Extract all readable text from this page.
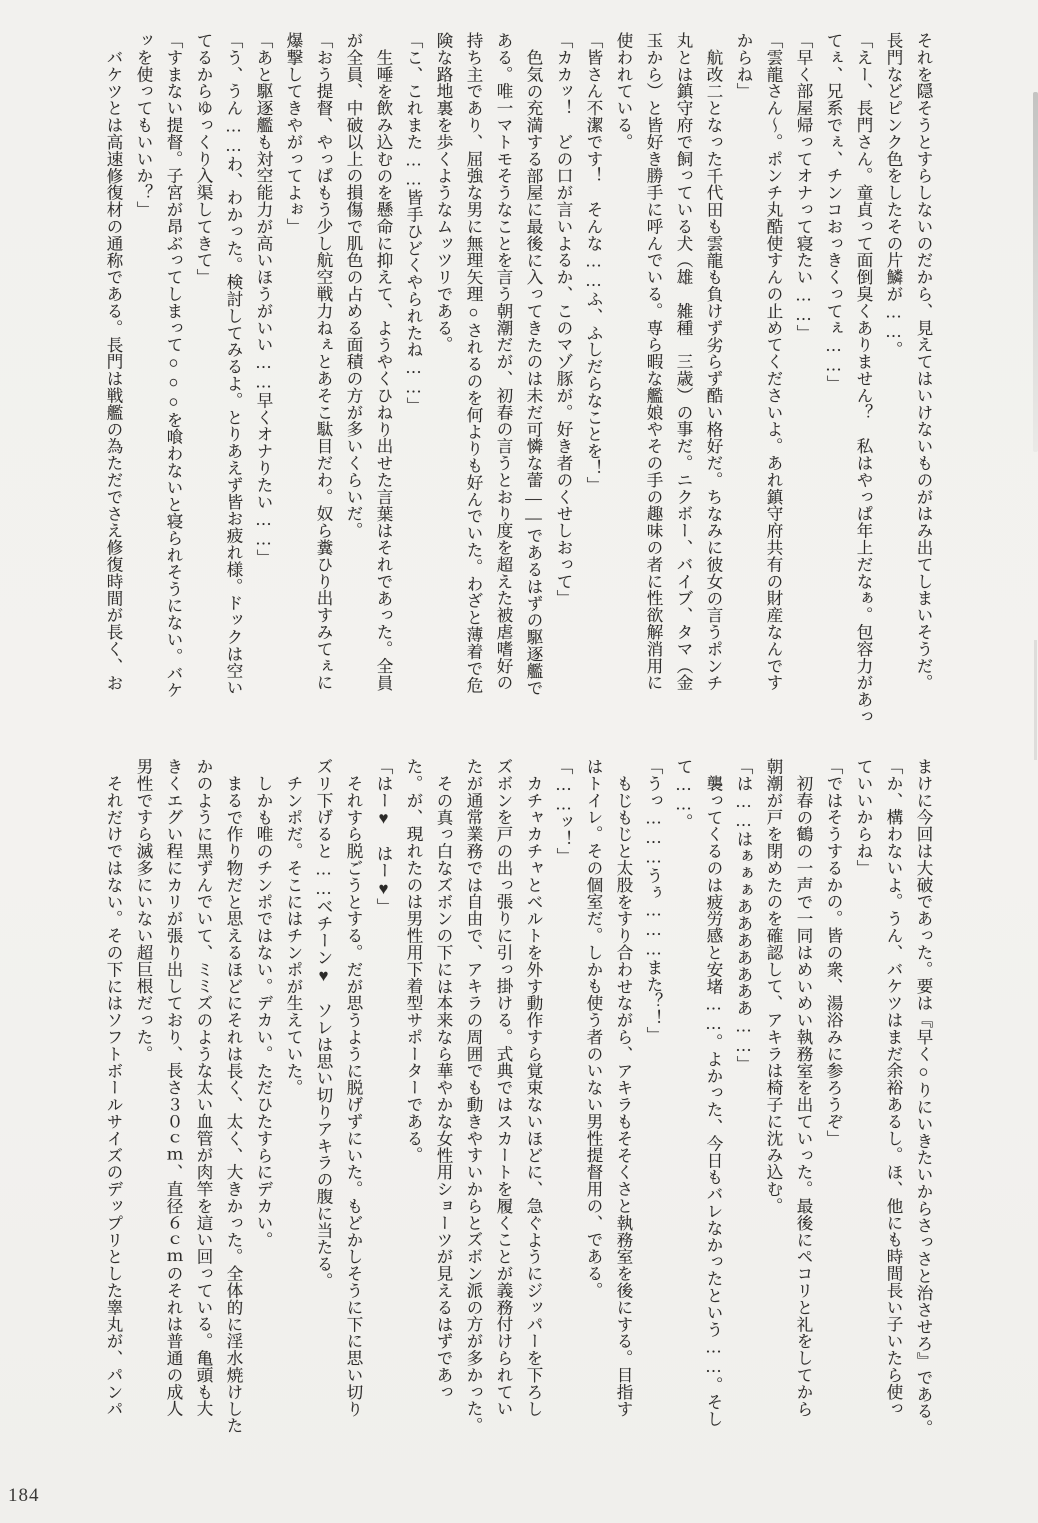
それを隠そうとすらしないのだから、見えてはいけないものがはみ出てしまいそうだ。

長門などピンク色をしたその片鱗が……。

「えー、長門さん。童貞って面倒臭くありません？　私はやっぱ年上だなぁ。包容力があっ

てぇ、兄系でぇ、チンコおっきくってぇ……」

「早く部屋帰ってオナって寝たい……」

「雲龍さん〜。ポンチ丸酷使すんの止めてくださいよ。あれ鎮守府共有の財産なんです

からね」

航改二となった千代田も雲龍も負けず劣らず酷い格好だ。ちなみに彼女の言うポンチ

丸とは鎮守府で飼っている犬（雄　雑種　三歳）の事だ。ニクボー、バイブ、タマ（金

玉から）と皆好き勝手に呼んでいる。専ら暇な艦娘やその手の趣味の者に性欲解消用に

使われている。

「皆さん不潔です！　そんな……ふ、ふしだらなことを！」

「カカッ！　どの口が言いよるか、このマゾ豚が。好き者のくせしおって」

色気の充満する部屋に最後に入ってきたのは未だ可憐な蕾――であるはずの駆逐艦で

ある。唯一マトモそうなことを言う朝潮だが、初春の言うとおり度を超えた被虐嗜好の

持ち主であり、屈強な男に無理矢理○されるのを何よりも好んでいた。わざと薄着で危

険な路地裏を歩くようなムッツリである。

「こ、これまた……皆手ひどくやられたね……」

生唾を飲み込むのを懸命に抑えて、ようやくひねり出せた言葉はそれであった。全員

が全員、中破以上の損傷で肌色の占める面積の方が多いくらいだ。

「おう提督、やっぱもう少し航空戦力ねぇとあそこ駄目だわ。奴ら糞ひり出すみてぇに

爆撃してきやがってよぉ」

「あと駆逐艦も対空能力が高いほうがいい……早くオナりたい……」

「う、うん……わ、わかった。検討してみるよ。とりあえず皆お疲れ様。ドックは空い

てるからゆっくり入渠してきて」

「すまない提督。子宮が昂ぶってしまって○○○を喰わないと寝られそうにない。バケ

ッを使ってもいいか？」

バケツとは高速修復材の通称である。長門は戦艦の為ただでさえ修復時間が長く、お

まけに今回は大破であった。要は『早く○りにいきたいからさっさと治させろ』である。

「か、構わないよ。うん、バケツはまだ余裕あるし。ほ、他にも時間長い子いたら使っ

ていいからね」

「ではそうするかの。皆の衆、湯浴みに参ろうぞ」

初春の鶴の一声で一同はめいめい執務室を出ていった。最後にペコリと礼をしてから

朝潮が戸を閉めたのを確認して、アキラは椅子に沈み込む。

「は……はぁぁぁあああああああ……」

襲ってくるのは疲労感と安堵……。よかった、今日もバレなかったという……。そし

て……。

「うっ………うぅ………また？！」

もじもじと太股をすり合わせながら、アキラもそそくさと執務室を後にする。目指す

はトイレ。その個室だ。しかも使う者のいない男性提督用の、である。

「……ッ！」

カチャカチャとベルトを外す動作すら覚束ないほどに、急ぐようにジッパーを下ろし

ズボンを戸の出っ張りに引っ掛ける。式典ではスカートを履くことが義務付けられてい

たが通常業務では自由で、アキラの周囲でも動きやすいからとズボン派の方が多かった。

その真っ白なズボンの下には本来なら華やかな女性用ショーツが見えるはずであっ

た。が、現れたのは男性用下着型サポーターである。

「はー♥　はー♥」

それすら脱ごうとする。だが思うように脱げずにいた。もどかしそうに下に思い切り

ズリ下げると……ベチーン♥　ソレは思い切りアキラの腹に当たる。

チンポだ。そこにはチンポが生えていた。

しかも唯のチンポではない。デカい。ただひたすらにデカい。

まるで作り物だと思えるほどにそれは長く、太く、大きかった。全体的に淫水焼けした

かのように黒ずんでいて、ミミズのような太い血管が肉竿を這い回っている。亀頭も大

きくエグい程にカリが張り出しており、長さ３０ｃｍ、直径６ｃｍのそれは普通の成人

男性ですら滅多にいない超巨根だった。

それだけではない。その下にはソフトボールサイズのデップリとした睾丸が、パンパ

184
